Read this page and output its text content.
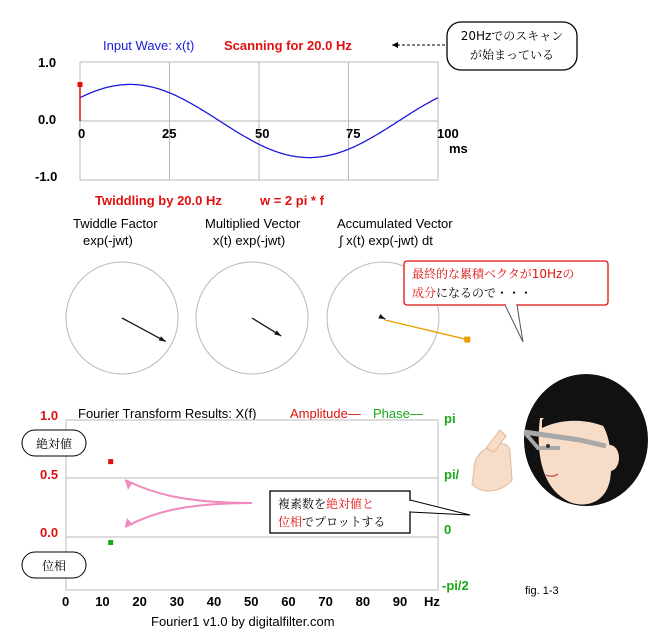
Input Wave: x(t) Scanning for 20.0 Hz
1.0
0.0
-1.0
0	25	50	75	100
ms
20Hzでのスキャン
が始まっている
Twiddling by 20.0 Hz	w = 2 pi * f
Twiddle Factor
exp(-jwt)
Multiplied Vector
x(t) exp(-jwt)
Accumulated Vector
∫ x(t) exp(-jwt) dt
最終的な累積ベクタが10Hzの
成分になるので・・・
Fourier Transform Results: X(f)	Amplitude— Phase—
1.0
0.5
0.0
pi
pi/
0
-pi/2
0 10 20 30 40 50 60 70 80 90 Hz
複素数を絶対値と
位相でプロットする
絶対値
位相
fig. 1-3
Fourier1 v1.0 by digitalfilter.com
